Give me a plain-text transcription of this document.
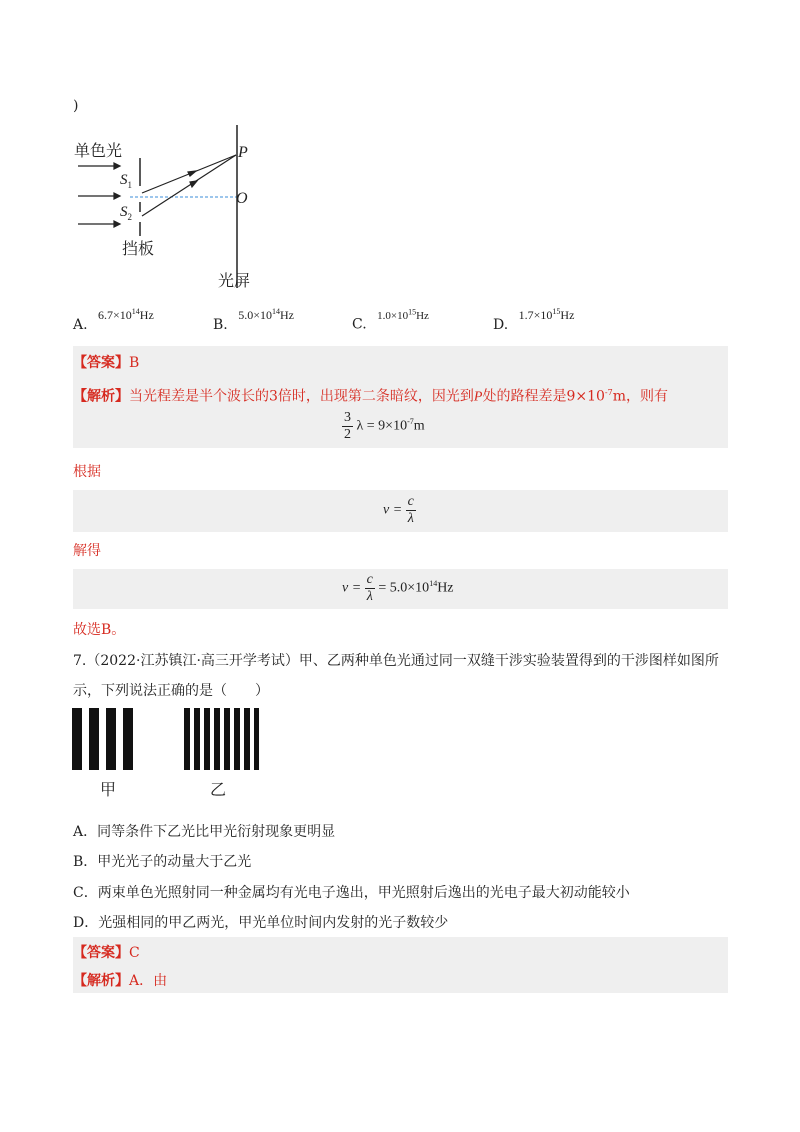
)
单色光
$S_1$
$S_2$
挡板
P
O
光屏
A. $6.7\times 10^{14}Hz$
B. $5.0\times 10^{14}Hz$
C. $^{1.0\times 10^{15}Hz}$
D. $1.7\times 10^{15}Hz$
【答案】B
【解析】当光程差是半个波长的3倍时，出现第二条暗纹，因光到P处的路程差是$9\times 10^{-7}m$，则有
$\frac{3}{2}$ $\lambda = 9\times 10^{-7}m$
根据
$\nu = \frac{c}{\lambda}$
解得
$\nu = \frac{c}{\lambda} = 5.0\times 10^{14}Hz$
故选B。
7.（2022·江苏镇江·高三开学考试）甲、乙两种单色光通过同一双缝干涉实验装置得到的干涉图样如图所
示，下列说法正确的是（　　）
甲	乙
A．同等条件下乙光比甲光衍射现象更明显
B．甲光光子的动量大于乙光
C．两束单色光照射同一种金属均有光电子逸出，甲光照射后逸出的光电子最大初动能较小
D．光强相同的甲乙两光，甲光单位时间内发射的光子数较少
【答案】C
【解析】A．由
